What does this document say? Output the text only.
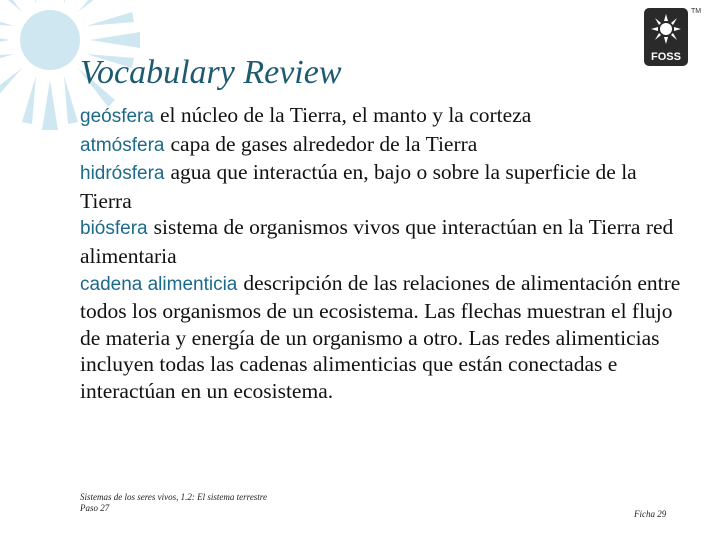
FOSS
TM
Vocabulary Review

geósfera el núcleo de la Tierra, el manto y la corteza

atmósfera capa de gases alrededor de la Tierra

hidrósfera agua que interactúa en, bajo o sobre la superficie de la Tierra

biósfera sistema de organismos vivos que interactúan en la Tierra red alimentaria

cadena alimenticia descripción de las relaciones de alimentación entre todos los organismos de un ecosistema. Las flechas muestran el flujo de materia y energía de un organismo a otro. Las redes alimenticias incluyen todas las cadenas alimenticias que están conectadas e interactúan en un ecosistema.

Sistemas de los seres vivos, 1.2: El sistema terrestre
Paso 27
Ficha 29
